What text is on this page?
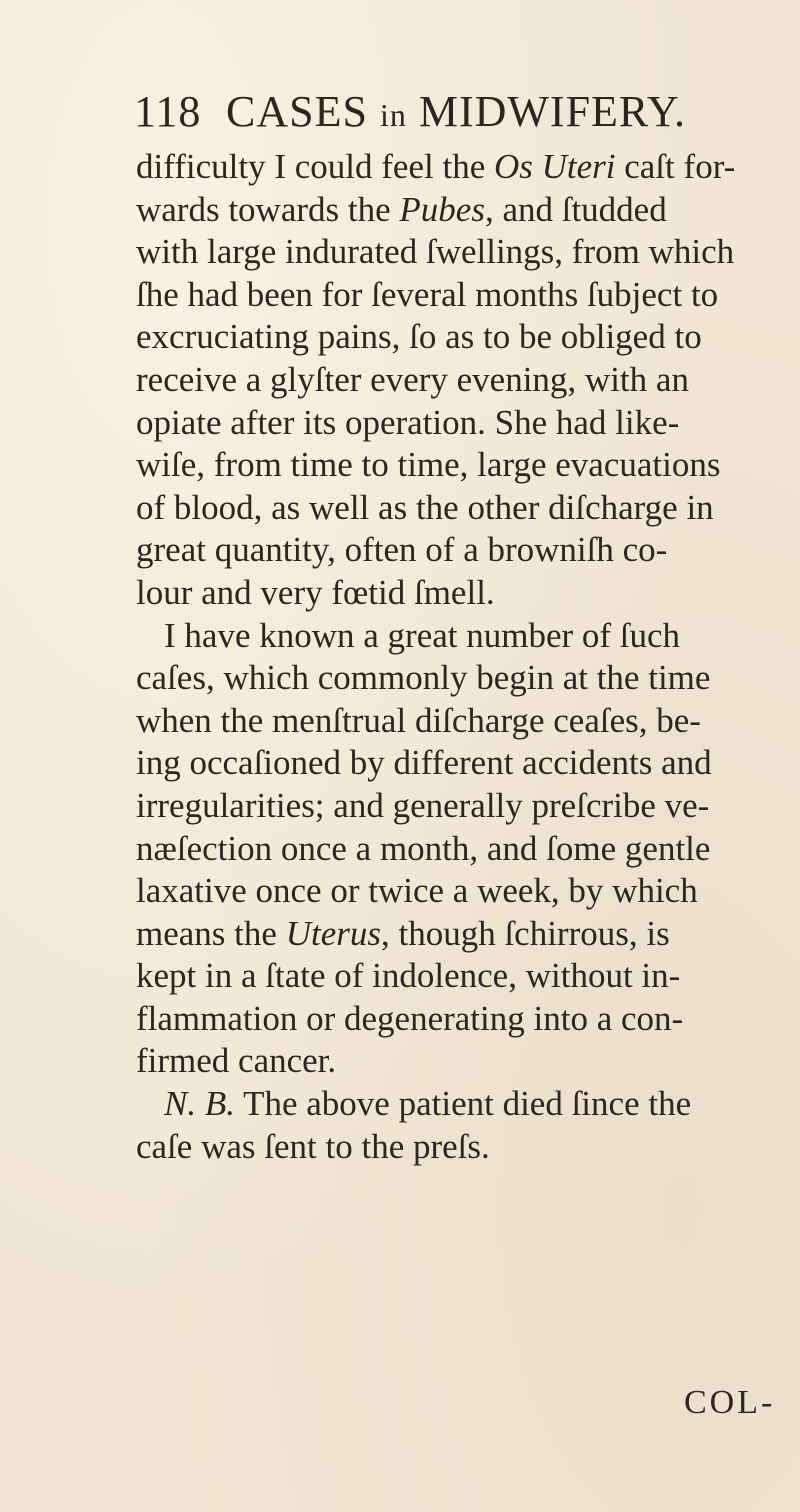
118 CASES in MIDWIFERY.
difficulty I could feel the Os Uteri caſt for-
wards towards the Pubes, and ſtudded
with large indurated ſwellings, from which
ſhe had been for ſeveral months ſubject to
excruciating pains, ſo as to be obliged to
receive a glyſter every evening, with an
opiate after its operation. She had like-
wiſe, from time to time, large evacuations
of blood, as well as the other diſcharge in
great quantity, often of a browniſh co-
lour and very fœtid ſmell.
I have known a great number of ſuch
caſes, which commonly begin at the time
when the menſtrual diſcharge ceaſes, be-
ing occaſioned by different accidents and
irregularities; and generally preſcribe ve-
næſection once a month, and ſome gentle
laxative once or twice a week, by which
means the Uterus, though ſchirrous, is
kept in a ſtate of indolence, without in-
flammation or degenerating into a con-
firmed cancer.
N. B. The above patient died ſince the
caſe was ſent to the preſs.
COL-
